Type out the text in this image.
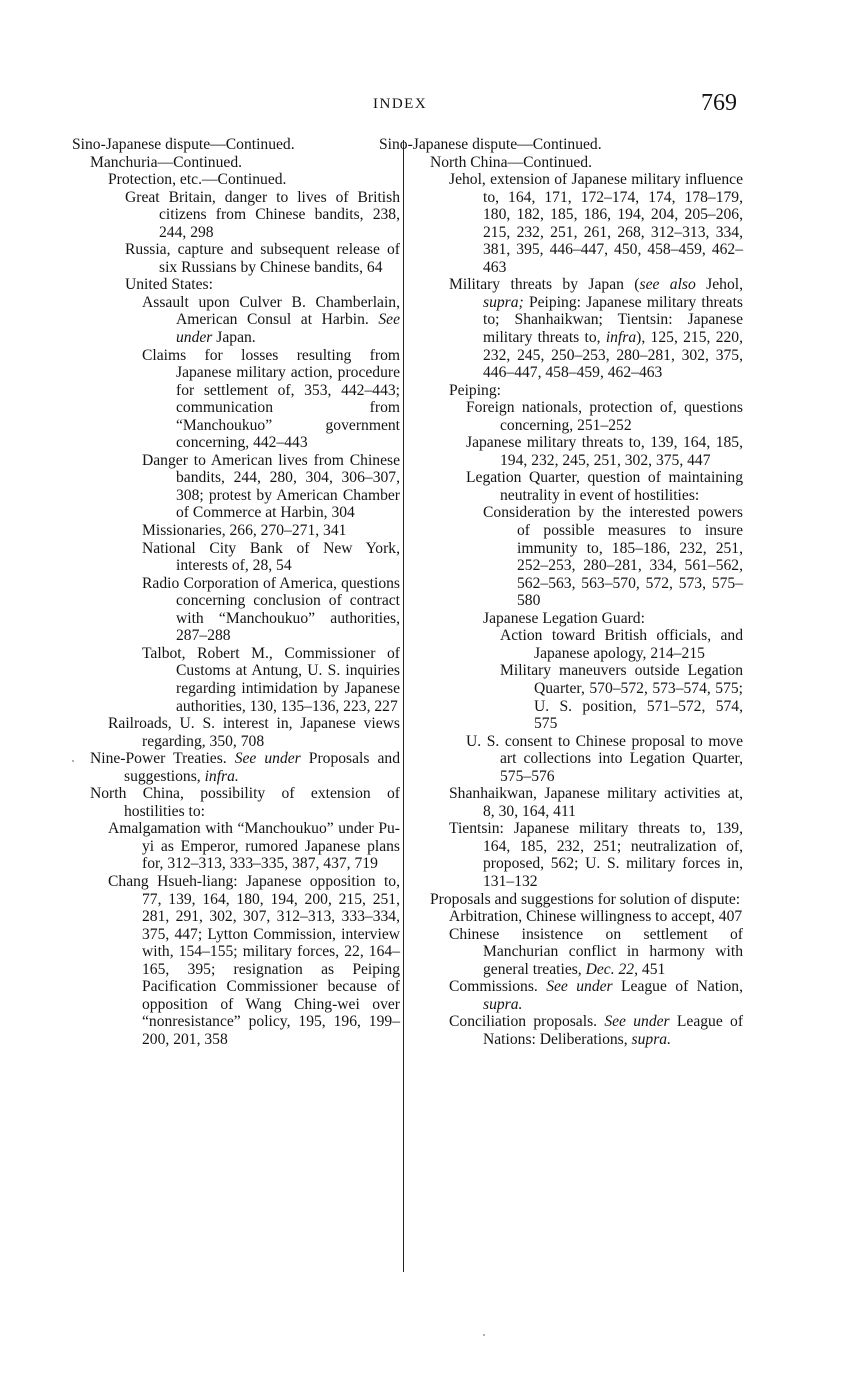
INDEX	769
Sino-Japanese dispute—Continued.
Manchuria—Continued.
Protection, etc.—Continued.
Great Britain, danger to lives of British citizens from Chinese bandits, 238, 244, 298
Russia, capture and subsequent release of six Russians by Chinese bandits, 64
United States:
Assault upon Culver B. Chamberlain, American Consul at Harbin. See under Japan.
Claims for losses resulting from Japanese military action, procedure for settlement of, 353, 442–443; communication from “Manchoukuo” government concerning, 442–443
Danger to American lives from Chinese bandits, 244, 280, 304, 306–307, 308; protest by American Chamber of Commerce at Harbin, 304
Missionaries, 266, 270–271, 341
National City Bank of New York, interests of, 28, 54
Radio Corporation of America, questions concerning conclusion of contract with “Manchoukuo” authorities, 287–288
Talbot, Robert M., Commissioner of Customs at Antung, U. S. inquiries regarding intimidation by Japanese authorities, 130, 135–136, 223, 227
Railroads, U. S. interest in, Japanese views regarding, 350, 708
Nine-Power Treaties. See under Proposals and suggestions, infra.
North China, possibility of extension of hostilities to:
Amalgamation with “Manchoukuo” under Pu-yi as Emperor, rumored Japanese plans for, 312–313, 333–335, 387, 437, 719
Chang Hsueh-liang: Japanese opposition to, 77, 139, 164, 180, 194, 200, 215, 251, 281, 291, 302, 307, 312–313, 333–334, 375, 447; Lytton Commission, interview with, 154–155; military forces, 22, 164–165, 395; resignation as Peiping Pacification Commissioner because of opposition of Wang Ching-wei over “nonresistance” policy, 195, 196, 199–200, 201, 358
Sino-Japanese dispute—Continued.
North China—Continued.
Jehol, extension of Japanese military influence to, 164, 171, 172–174, 174, 178–179, 180, 182, 185, 186, 194, 204, 205–206, 215, 232, 251, 261, 268, 312–313, 334, 381, 395, 446–447, 450, 458–459, 462–463
Military threats by Japan (see also Jehol, supra; Peiping: Japanese military threats to; Shanhaikwan; Tientsin: Japanese military threats to, infra), 125, 215, 220, 232, 245, 250–253, 280–281, 302, 375, 446–447, 458–459, 462–463
Peiping:
Foreign nationals, protection of, questions concerning, 251–252
Japanese military threats to, 139, 164, 185, 194, 232, 245, 251, 302, 375, 447
Legation Quarter, question of maintaining neutrality in event of hostilities:
Consideration by the interested powers of possible measures to insure immunity to, 185–186, 232, 251, 252–253, 280–281, 334, 561–562, 562–563, 563–570, 572, 573, 575–580
Japanese Legation Guard:
Action toward British officials, and Japanese apology, 214–215
Military maneuvers outside Legation Quarter, 570–572, 573–574, 575; U. S. position, 571–572, 574, 575
U. S. consent to Chinese proposal to move art collections into Legation Quarter, 575–576
Shanhaikwan, Japanese military activities at, 8, 30, 164, 411
Tientsin: Japanese military threats to, 139, 164, 185, 232, 251; neutralization of, proposed, 562; U. S. military forces in, 131–132
Proposals and suggestions for solution of dispute:
Arbitration, Chinese willingness to accept, 407
Chinese insistence on settlement of Manchurian conflict in harmony with general treaties, Dec. 22, 451
Commissions. See under League of Nation, supra.
Conciliation proposals. See under League of Nations: Deliberations, supra.
